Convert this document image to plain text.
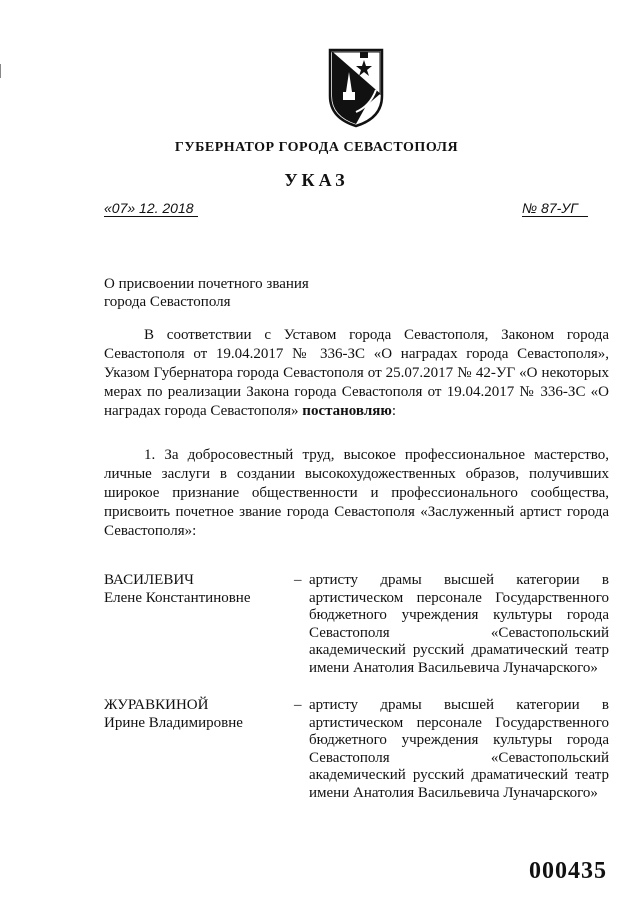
ГУБЕРНАТОР ГОРОДА СЕВАСТОПОЛЯ
УКАЗ
«07» 12. 2018	№ 87-УГ
О присвоении почетного звания
города Севастополя
В соответствии с Уставом города Севастополя, Законом города Севастополя от 19.04.2017 № 336-ЗС «О наградах города Севастополя», Указом Губернатора города Севастополя от 25.07.2017 № 42-УГ «О некоторых мерах по реализации Закона города Севастополя от 19.04.2017 № 336-ЗС «О наградах города Севастополя» постановляю:
1. За добросовестный труд, высокое профессиональное мастерство, личные заслуги в создании высокохудожественных образов, получивших широкое признание общественности и профессионального сообщества, присвоить почетное звание города Севастополя «Заслуженный артист города Севастополя»:
ВАСИЛЕВИЧ
Елене Константиновне
– артисту драмы высшей категории в артистическом персонале Государственного бюджетного учреждения культуры города Севастополя «Севастопольский академический русский драматический театр имени Анатолия Васильевича Луначарского»
ЖУРАВКИНОЙ
Ирине Владимировне
– артисту драмы высшей категории в артистическом персонале Государственного бюджетного учреждения культуры города Севастополя «Севастопольский академический русский драматический театр имени Анатолия Васильевича Луначарского»
000435
